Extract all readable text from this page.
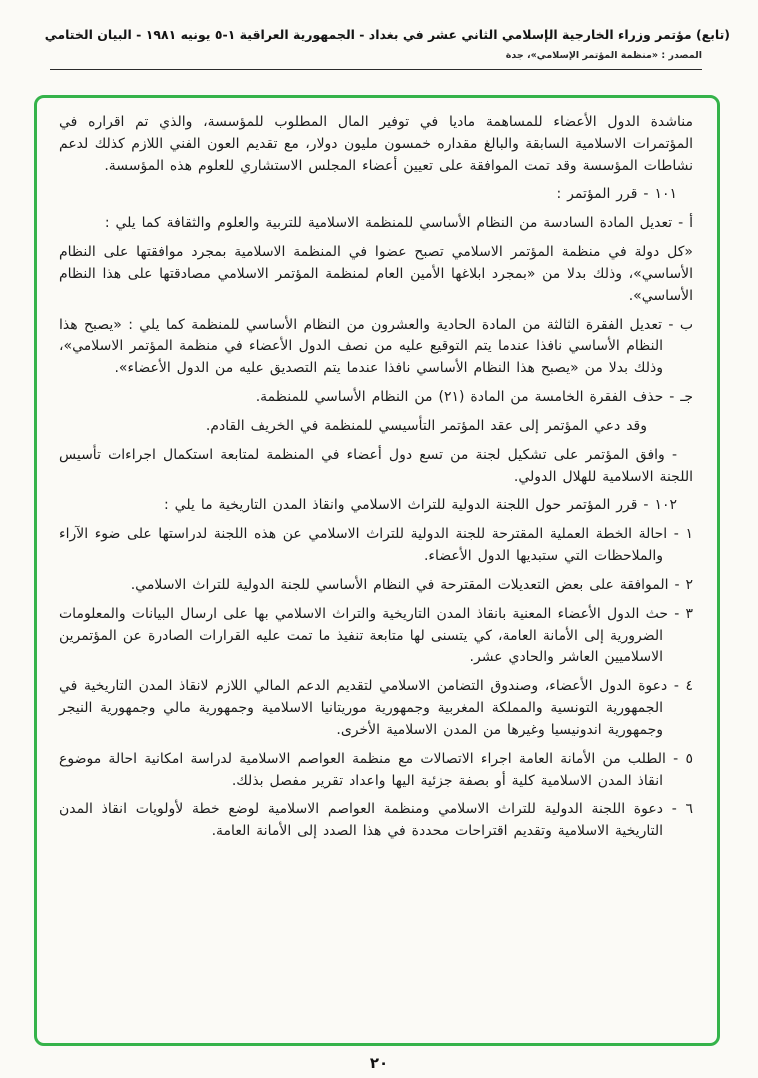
(تابع) مؤتمر وزراء الخارجية الإسلامي الثاني عشر في بغداد - الجمهورية العراقية ١-٥ يونيه ١٩٨١ - البيان الختامي
المصدر : «منظمة المؤتمر الإسلامي»، جدة

مناشدة الدول الأعضاء للمساهمة ماديا في توفير المال المطلوب للمؤسسة، والذي تم اقراره في المؤتمرات الاسلامية السابقة والبالغ مقداره خمسون مليون دولار، مع تقديم العون الفني اللازم كذلك لدعم نشاطات المؤسسة وقد تمت الموافقة على تعيين أعضاء المجلس الاستشاري للعلوم هذه المؤسسة.

١٠١ - قرر المؤتمر :

أ - تعديل المادة السادسة من النظام الأساسي للمنظمة الاسلامية للتربية والعلوم والثقافة كما يلي :

«كل دولة في منظمة المؤتمر الاسلامي تصبح عضوا في المنظمة الاسلامية بمجرد موافقتها على النظام الأساسي»، وذلك بدلا من «بمجرد ابلاغها الأمين العام لمنظمة المؤتمر الاسلامي مصادقتها على هذا النظام الأساسي».

ب - تعديل الفقرة الثالثة من المادة الحادية والعشرون من النظام الأساسي للمنظمة كما يلي : «يصبح هذا النظام الأساسي نافذا عندما يتم التوقيع عليه من نصف الدول الأعضاء في منظمة المؤتمر الاسلامي»، وذلك بدلا من «يصبح هذا النظام الأساسي نافذا عندما يتم التصديق عليه من الدول الأعضاء».

جـ - حذف الفقرة الخامسة من المادة (٢١) من النظام الأساسي للمنظمة.

وقد دعي المؤتمر إلى عقد المؤتمر التأسيسي للمنظمة في الخريف القادم.

- وافق المؤتمر على تشكيل لجنة من تسع دول أعضاء في المنظمة لمتابعة استكمال اجراءات تأسيس اللجنة الاسلامية للهلال الدولي.

١٠٢ - قرر المؤتمر حول اللجنة الدولية للتراث الاسلامي وانقاذ المدن التاريخية ما يلي :

١ - احالة الخطة العملية المقترحة للجنة الدولية للتراث الاسلامي عن هذه اللجنة لدراستها على ضوء الآراء والملاحظات التي ستبديها الدول الأعضاء.

٢ - الموافقة على بعض التعديلات المقترحة في النظام الأساسي للجنة الدولية للتراث الاسلامي.

٣ - حث الدول الأعضاء المعنية بانقاذ المدن التاريخية والتراث الاسلامي بها على ارسال البيانات والمعلومات الضرورية إلى الأمانة العامة، كي يتسنى لها متابعة تنفيذ ما تمت عليه القرارات الصادرة عن المؤتمرين الاسلاميين العاشر والحادي عشر.

٤ - دعوة الدول الأعضاء، وصندوق التضامن الاسلامي لتقديم الدعم المالي اللازم لانقاذ المدن التاريخية في الجمهورية التونسية والمملكة المغربية وجمهورية موريتانيا الاسلامية وجمهورية مالي وجمهورية النيجر وجمهورية اندونيسيا وغيرها من المدن الاسلامية الأخرى.

٥ - الطلب من الأمانة العامة اجراء الاتصالات مع منظمة العواصم الاسلامية لدراسة امكانية احالة موضوع انقاذ المدن الاسلامية كلية أو بصفة جزئية اليها واعداد تقرير مفصل بذلك.

٦ - دعوة اللجنة الدولية للتراث الاسلامي ومنظمة العواصم الاسلامية لوضع خطة لأولويات انقاذ المدن التاريخية الاسلامية وتقديم اقتراحات محددة في هذا الصدد إلى الأمانة العامة.

٢٠
